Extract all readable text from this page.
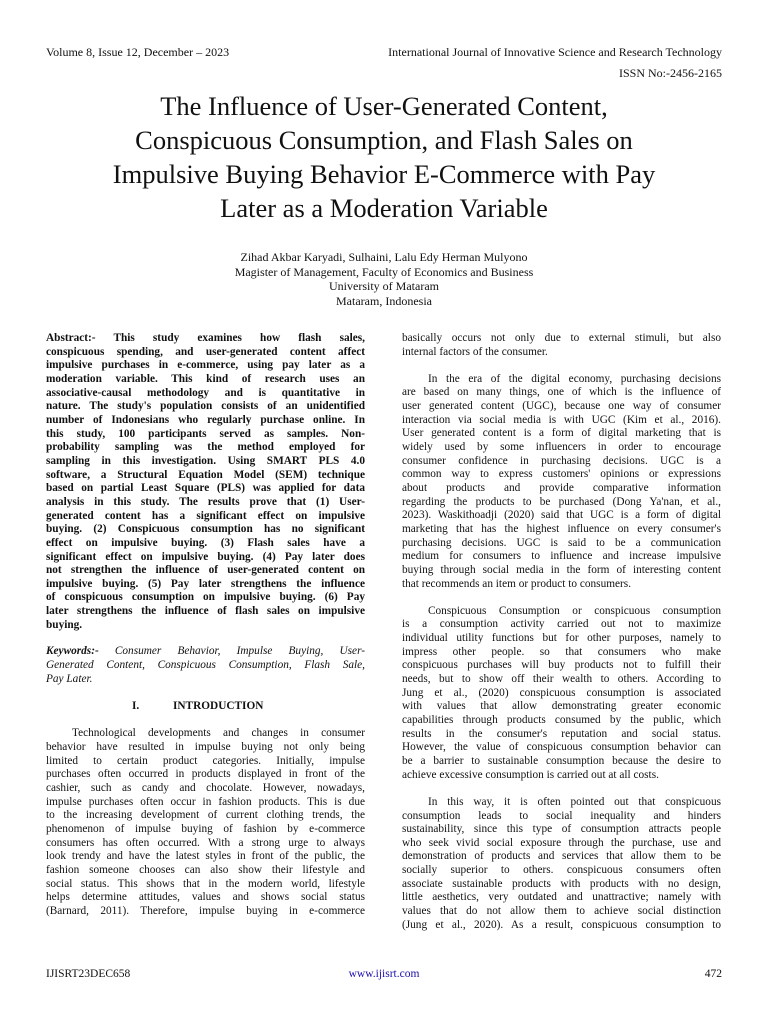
Volume 8, Issue 12, December – 2023	International Journal of Innovative Science and Research Technology
ISSN No:-2456-2165
The Influence of User-Generated Content,
Conspicuous Consumption, and Flash Sales on
Impulsive Buying Behavior E-Commerce with Pay
Later as a Moderation Variable
Zihad Akbar Karyadi, Sulhaini, Lalu Edy Herman Mulyono
Magister of Management, Faculty of Economics and Business
University of Mataram
Mataram, Indonesia

Abstract:- This study examines how flash sales,
conspicuous spending, and user-generated content affect
impulsive purchases in e-commerce, using pay later as a
moderation variable. This kind of research uses an
associative-causal methodology and is quantitative in
nature. The study's population consists of an unidentified
number of Indonesians who regularly purchase online. In
this study, 100 participants served as samples. Non-
probability sampling was the method employed for
sampling in this investigation. Using SMART PLS 4.0
software, a Structural Equation Model (SEM) technique
based on partial Least Square (PLS) was applied for data
analysis in this study. The results prove that (1) User-
generated content has a significant effect on impulsive
buying. (2) Conspicuous consumption has no significant
effect on impulsive buying. (3) Flash sales have a
significant effect on impulsive buying. (4) Pay later does
not strengthen the influence of user-generated content on
impulsive buying. (5) Pay later strengthens the influence
of conspicuous consumption on impulsive buying. (6) Pay
later strengthens the influence of flash sales on impulsive
buying.

Keywords:- Consumer Behavior, Impulse Buying, User-
Generated Content, Conspicuous Consumption, Flash Sale,
Pay Later.

I.	INTRODUCTION

Technological developments and changes in consumer
behavior have resulted in impulse buying not only being
limited to certain product categories. Initially, impulse
purchases often occurred in products displayed in front of the
cashier, such as candy and chocolate. However, nowadays,
impulse purchases often occur in fashion products. This is due
to the increasing development of current clothing trends, the
phenomenon of impulse buying of fashion by e-commerce
consumers has often occurred. With a strong urge to always
look trendy and have the latest styles in front of the public, the
fashion someone chooses can also show their lifestyle and
social status. This shows that in the modern world, lifestyle
helps determine attitudes, values and shows social status
(Barnard, 2011). Therefore, impulse buying in e-commerce

basically occurs not only due to external stimuli, but also
internal factors of the consumer.

In the era of the digital economy, purchasing decisions
are based on many things, one of which is the influence of
user generated content (UGC), because one way of consumer
interaction via social media is with UGC (Kim et al., 2016).
User generated content is a form of digital marketing that is
widely used by some influencers in order to encourage
consumer confidence in purchasing decisions. UGC is a
common way to express customers' opinions or expressions
about products and provide comparative information
regarding the products to be purchased (Dong Ya'nan, et al.,
2023). Waskithoadji (2020) said that UGC is a form of digital
marketing that has the highest influence on every consumer's
purchasing decisions. UGC is said to be a communication
medium for consumers to influence and increase impulsive
buying through social media in the form of interesting content
that recommends an item or product to consumers.

Conspicuous Consumption or conspicuous consumption
is a consumption activity carried out not to maximize
individual utility functions but for other purposes, namely to
impress other people. so that consumers who make
conspicuous purchases will buy products not to fulfill their
needs, but to show off their wealth to others. According to
Jung et al., (2020) conspicuous consumption is associated
with values that allow demonstrating greater economic
capabilities through products consumed by the public, which
results in the consumer's reputation and social status.
However, the value of conspicuous consumption behavior can
be a barrier to sustainable consumption because the desire to
achieve excessive consumption is carried out at all costs.

In this way, it is often pointed out that conspicuous
consumption leads to social inequality and hinders
sustainability, since this type of consumption attracts people
who seek vivid social exposure through the purchase, use and
demonstration of products and services that allow them to be
socially superior to others. conspicuous consumers often
associate sustainable products with products with no design,
little aesthetics, very outdated and unattractive; namely with
values that do not allow them to achieve social distinction
(Jung et al., 2020). As a result, conspicuous consumption to

IJISRT23DEC658	www.ijisrt.com	472
